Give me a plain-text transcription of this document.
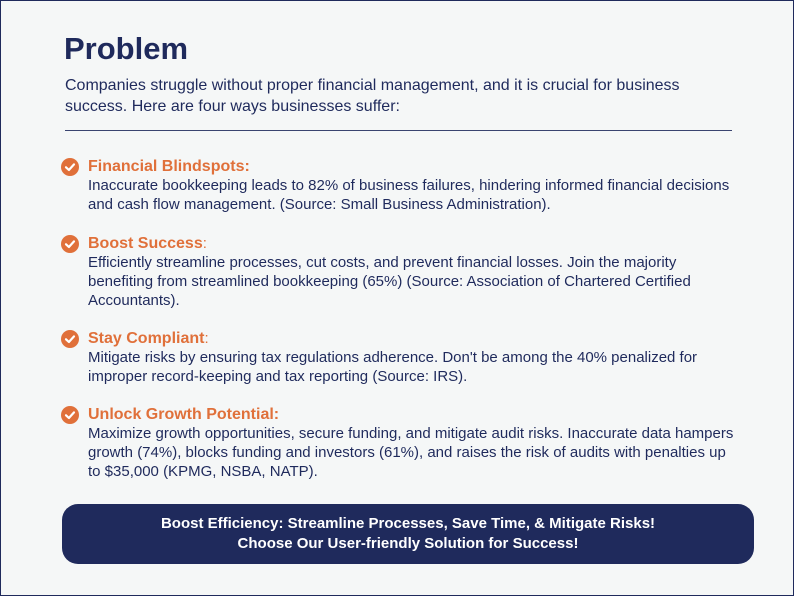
Problem

Companies struggle without proper financial management, and it is crucial for business success. Here are four ways businesses suffer:

Financial Blindspots:
Inaccurate bookkeeping leads to 82% of business failures, hindering informed financial decisions and cash flow management. (Source: Small Business Administration).
Boost Success:
Efficiently streamline processes, cut costs, and prevent financial losses. Join the majority benefiting from streamlined bookkeeping (65%) (Source: Association of Chartered Certified Accountants).
Stay Compliant:
Mitigate risks by ensuring tax regulations adherence. Don't be among the 40% penalized for improper record-keeping and tax reporting (Source: IRS).
Unlock Growth Potential:
Maximize growth opportunities, secure funding, and mitigate audit risks. Inaccurate data hampers growth (74%), blocks funding and investors (61%), and raises the risk of audits with penalties up to $35,000 (KPMG, NSBA, NATP).
Boost Efficiency: Streamline Processes, Save Time, & Mitigate Risks!
Choose Our User-friendly Solution for Success!
